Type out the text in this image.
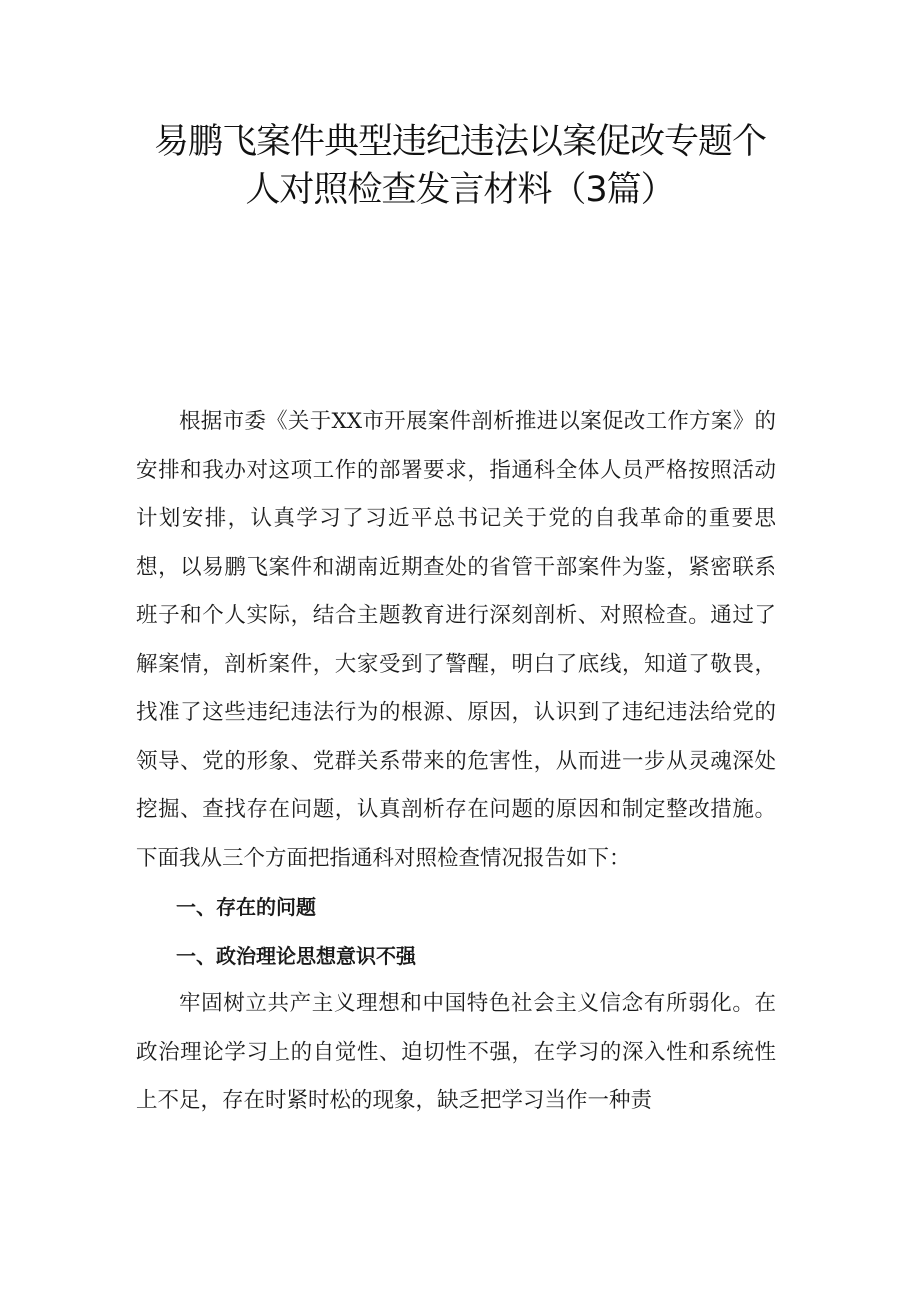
易鹏飞案件典型违纪违法以案促改专题个
人对照检查发言材料（3篇）

根据市委《关于XX市开展案件剖析推进以案促改工作方案》的安排和我办对这项工作的部署要求，指通科全体人员严格按照活动计划安排，认真学习了习近平总书记关于党的自我革命的重要思想，以易鹏飞案件和湖南近期查处的省管干部案件为鉴，紧密联系班子和个人实际，结合主题教育进行深刻剖析、对照检查。通过了解案情，剖析案件，大家受到了警醒，明白了底线，知道了敬畏，找准了这些违纪违法行为的根源、原因，认识到了违纪违法给党的领导、党的形象、党群关系带来的危害性，从而进一步从灵魂深处挖掘、查找存在问题，认真剖析存在问题的原因和制定整改措施。下面我从三个方面把指通科对照检查情况报告如下：

一、存在的问题

一、政治理论思想意识不强

牢固树立共产主义理想和中国特色社会主义信念有所弱化。在政治理论学习上的自觉性、迫切性不强，在学习的深入性和系统性上不足，存在时紧时松的现象，缺乏把学习当作一种责
